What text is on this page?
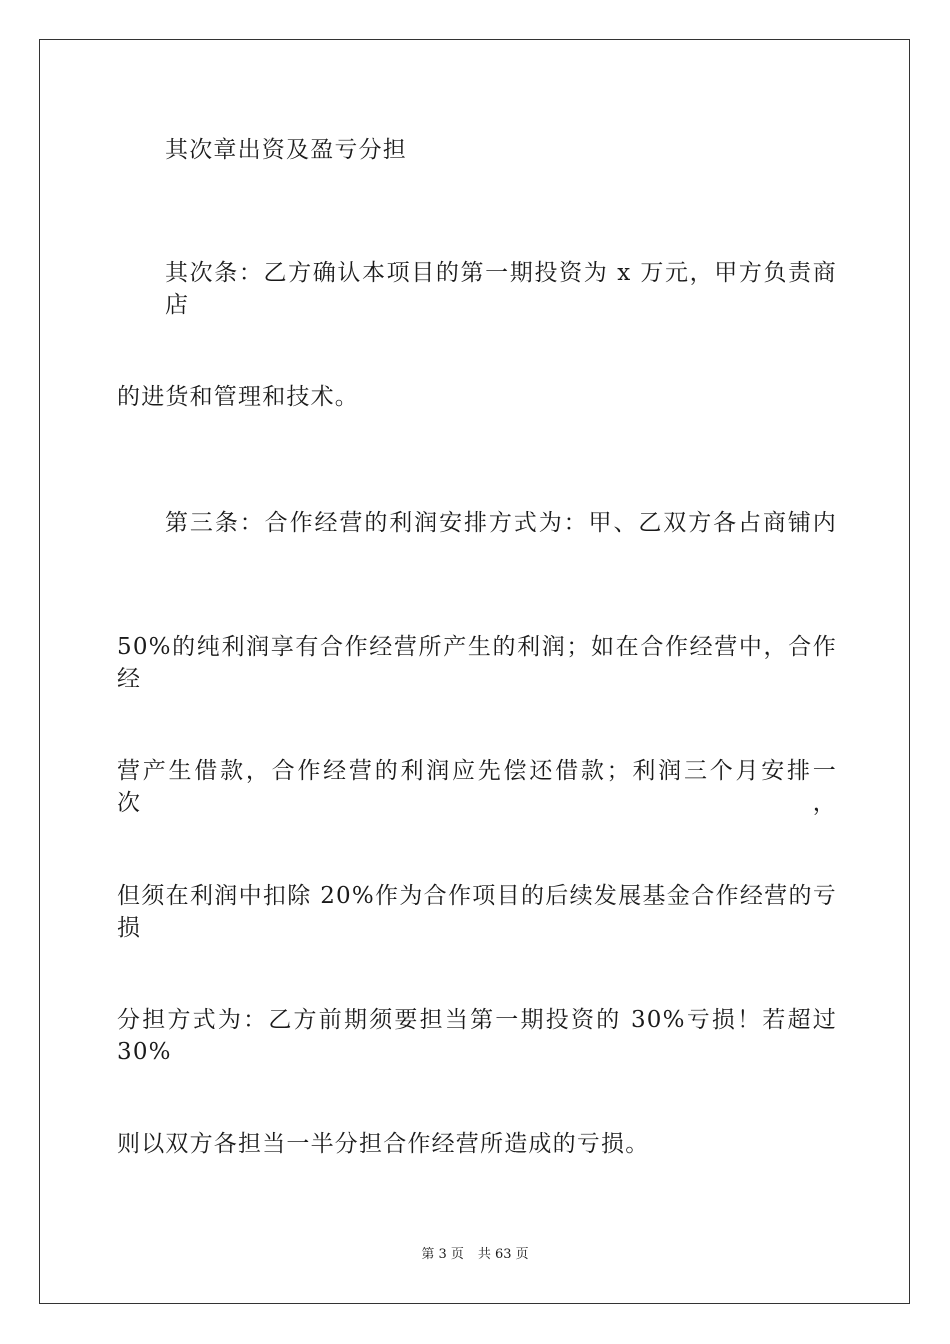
其次章出资及盈亏分担
其次条：乙方确认本项目的第一期投资为 x 万元，甲方负责商店
的进货和管理和技术。
第三条：合作经营的利润安排方式为：甲、乙双方各占商铺内
50%的纯利润享有合作经营所产生的利润；如在合作经营中，合作经
营产生借款，合作经营的利润应先偿还借款；利润三个月安排一次，
但须在利润中扣除 20%作为合作项目的后续发展基金合作经营的亏损
分担方式为：乙方前期须要担当第一期投资的 30%亏损！若超过 30%
则以双方各担当一半分担合作经营所造成的亏损。
第 3 页 共 63 页
